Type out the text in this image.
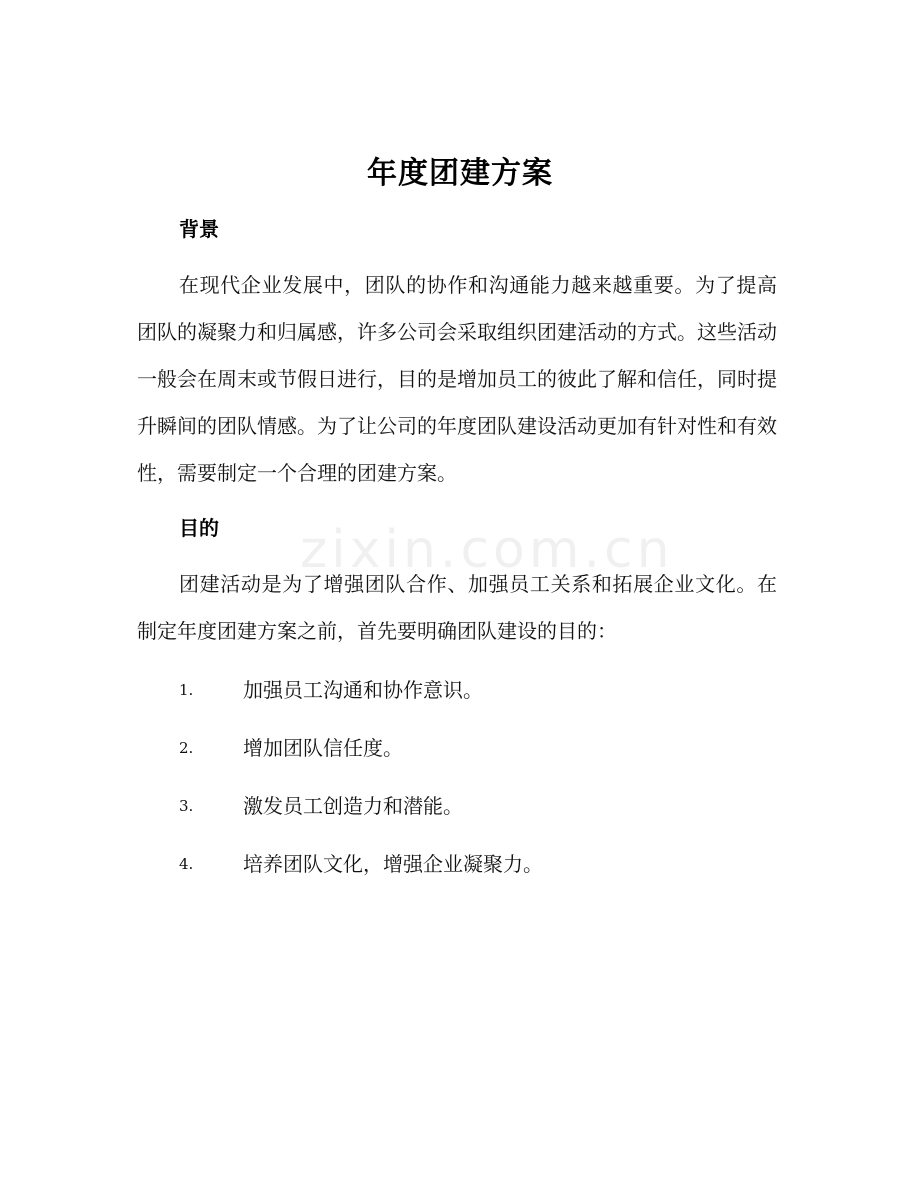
zixin.com.cn
年度团建方案
背景

在现代企业发展中，团队的协作和沟通能力越来越重要。为了提高团队的凝聚力和归属感，许多公司会采取组织团建活动的方式。这些活动一般会在周末或节假日进行，目的是增加员工的彼此了解和信任，同时提升瞬间的团队情感。为了让公司的年度团队建设活动更加有针对性和有效性，需要制定一个合理的团建方案。

目的

团建活动是为了增强团队合作、加强员工关系和拓展企业文化。在制定年度团建方案之前，首先要明确团队建设的目的：

1. 加强员工沟通和协作意识。
2. 增加团队信任度。
3. 激发员工创造力和潜能。
4. 培养团队文化，增强企业凝聚力。
